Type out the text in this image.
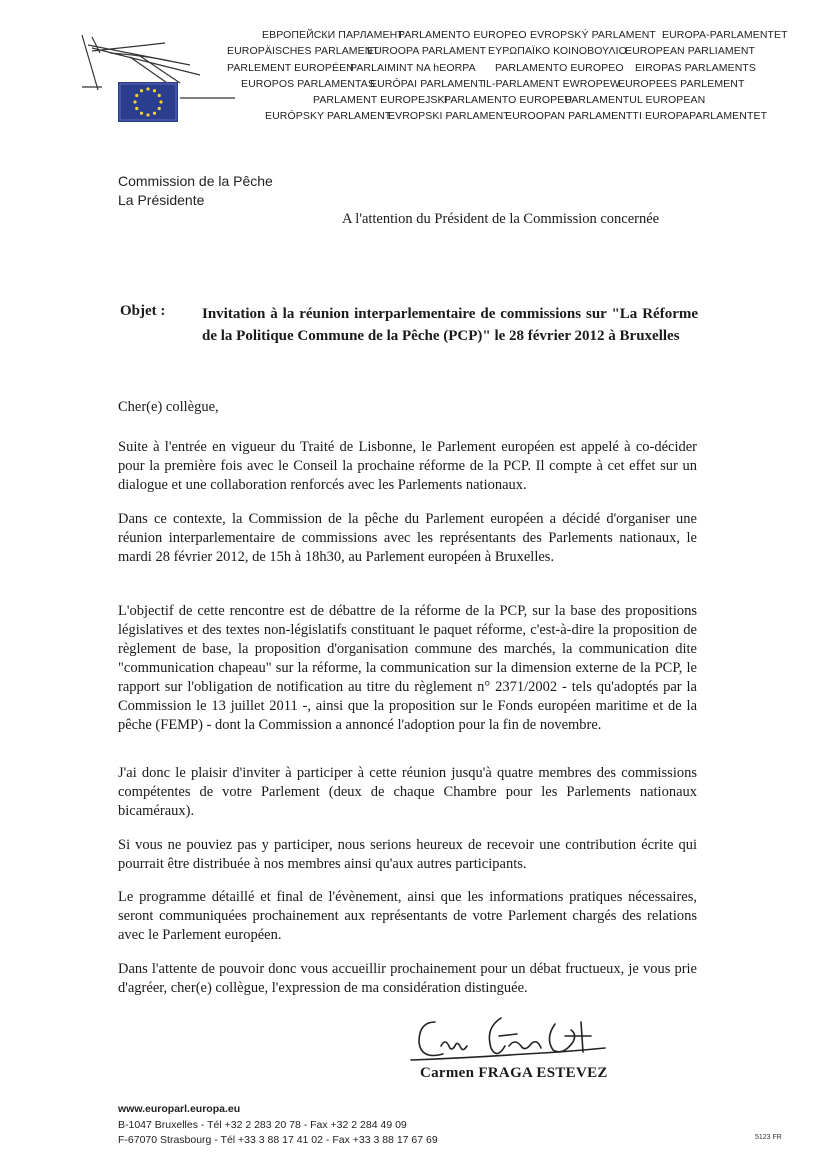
ЕВРОПЕЙСКИ ПАРЛАМЕНТ
PARLAMENTO EUROPEO EVROPSKÝ PARLAMENT EUROPA-PARLAMENTET
EUROPÄISCHES PARLAMENT
EUROOPA PARLAMENT ΕΥΡΩΠΑΪΚΟ ΚΟΙΝΟΒΟΥΛΙΟ
EUROPEAN PARLIAMENT
PARLEMENT EUROPÉEN
PARLAIMINT NA hEORPA PARLAMENTO EUROPEO EIROPAS PARLAMENTS
EUROPOS PARLAMENTAS
EURÓPAI PARLAMENT
IL-PARLAMENT EWROPEW
EUROPEES PARLEMENT
PARLAMENT EUROPEJSKI
PARLAMENTO EUROPEU
PARLAMENTUL EUROPEAN
EURÓPSKY PARLAMENT
EVROPSKI PARLAMENT
EUROOPAN PARLAMENTTI EUROPAPARLAMENTET
Commission de la Pêche
La Présidente
A l'attention du Président de la Commission concernée
Objet : Invitation à la réunion interparlementaire de commissions sur "La Réforme de la Politique Commune de la Pêche (PCP)" le 28 février 2012 à Bruxelles
Cher(e) collègue,
Suite à l'entrée en vigueur du Traité de Lisbonne, le Parlement européen est appelé à co-décider pour la première fois avec le Conseil la prochaine réforme de la PCP. Il compte à cet effet sur un dialogue et une collaboration renforcés avec les Parlements nationaux.
Dans ce contexte, la Commission de la pêche du Parlement européen a décidé d'organiser une réunion interparlementaire de commissions avec les représentants des Parlements nationaux, le mardi 28 février 2012, de 15h à 18h30, au Parlement européen à Bruxelles.
L'objectif de cette rencontre est de débattre de la réforme de la PCP, sur la base des propositions législatives et des textes non-législatifs constituant le paquet réforme, c'est-à-dire la proposition de règlement de base, la proposition d'organisation commune des marchés, la communication dite "communication chapeau" sur la réforme, la communication sur la dimension externe de la PCP, le rapport sur l'obligation de notification au titre du règlement n° 2371/2002 - tels qu'adoptés par la Commission le 13 juillet 2011 -, ainsi que la proposition sur le Fonds européen maritime et de la pêche (FEMP) - dont la Commission a annoncé l'adoption pour la fin de novembre.
J'ai donc le plaisir d'inviter à participer à cette réunion jusqu'à quatre membres des commissions compétentes de votre Parlement (deux de chaque Chambre pour les Parlements nationaux bicaméraux).
Si vous ne pouviez pas y participer, nous serions heureux de recevoir une contribution écrite qui pourrait être distribuée à nos membres ainsi qu'aux autres participants.
Le programme détaillé et final de l'évènement, ainsi que les informations pratiques nécessaires, seront communiquées prochainement aux représentants de votre Parlement chargés des relations avec le Parlement européen.
Dans l'attente de pouvoir donc vous accueillir prochainement pour un débat fructueux, je vous prie d'agréer, cher(e) collègue, l'expression de ma considération distinguée.
Carmen FRAGA ESTEVEZ
www.europarl.europa.eu
B-1047 Bruxelles - Tél +32 2 283 20 78 - Fax +32 2 284 49 09
F-67070 Strasbourg - Tél +33 3 88 17 41 02 - Fax +33 3 88 17 67 69	5123 FR
